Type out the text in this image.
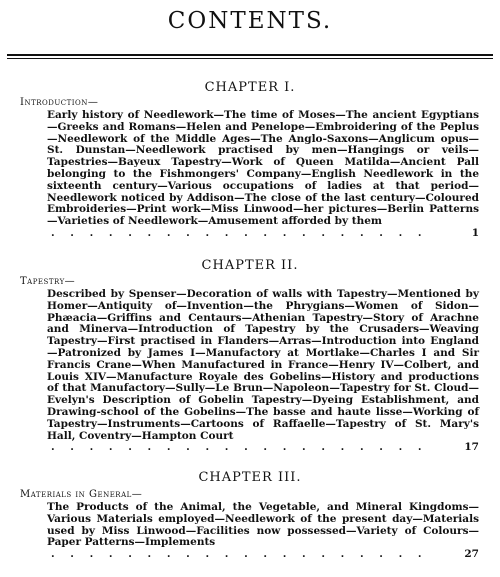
CONTENTS.
CHAPTER I.
Introduction—
Early history of Needlework—The time of Moses—The ancient Egyptians—Greeks and Romans—Helen and Penelope—Embroidering of the Peplus—Needlework of the Middle Ages—The Anglo-Saxons—Anglicum opus—St. Dunstan—Needlework practised by men—Hangings or veils—Tapestries—Bayeux Tapestry—Work of Queen Matilda—Ancient Pall belonging to the Fishmongers' Company—English Needlework in the sixteenth century—Various occupations of ladies at that period—Needlework noticed by Addison—The close of the last century—Coloured Embroideries—Print work—Miss Linwood—her pictures—Berlin Patterns—Varieties of Needlework—Amusement afforded by them
. . . . . . . . . . . . . . . . . . . .	1
CHAPTER II.
Tapestry—
Described by Spenser—Decoration of walls with Tapestry—Mentioned by Homer—Antiquity of—Invention—the Phrygians—Women of Sidon—Phæacia—Griffins and Centaurs—Athenian Tapestry—Story of Arachne and Minerva—Introduction of Tapestry by the Crusaders—Weaving Tapestry—First practised in Flanders—Arras—Introduction into England—Patronized by James I—Manufactory at Mortlake—Charles I and Sir Francis Crane—When Manufactured in France—Henry IV—Colbert, and Louis XIV—Manufacture Royale des Gobelins—History and productions of that Manufactory—Sully—Le Brun—Napoleon—Tapestry for St. Cloud—Evelyn's Description of Gobelin Tapestry—Dyeing Establishment, and Drawing-school of the Gobelins—The basse and haute lisse—Working of Tapestry—Instruments—Cartoons of Raffaelle—Tapestry of St. Mary's Hall, Coventry—Hampton Court
. . . . . . . . . . . . . . . . . . . .	17
CHAPTER III.
Materials in General—
The Products of the Animal, the Vegetable, and Mineral Kingdoms—Various Materials employed—Needlework of the present day—Materials used by Miss Linwood—Facilities now possessed—Variety of Colours—Paper Patterns—Implements
. . . . . . . . . . . . . . . . . . . .	27
